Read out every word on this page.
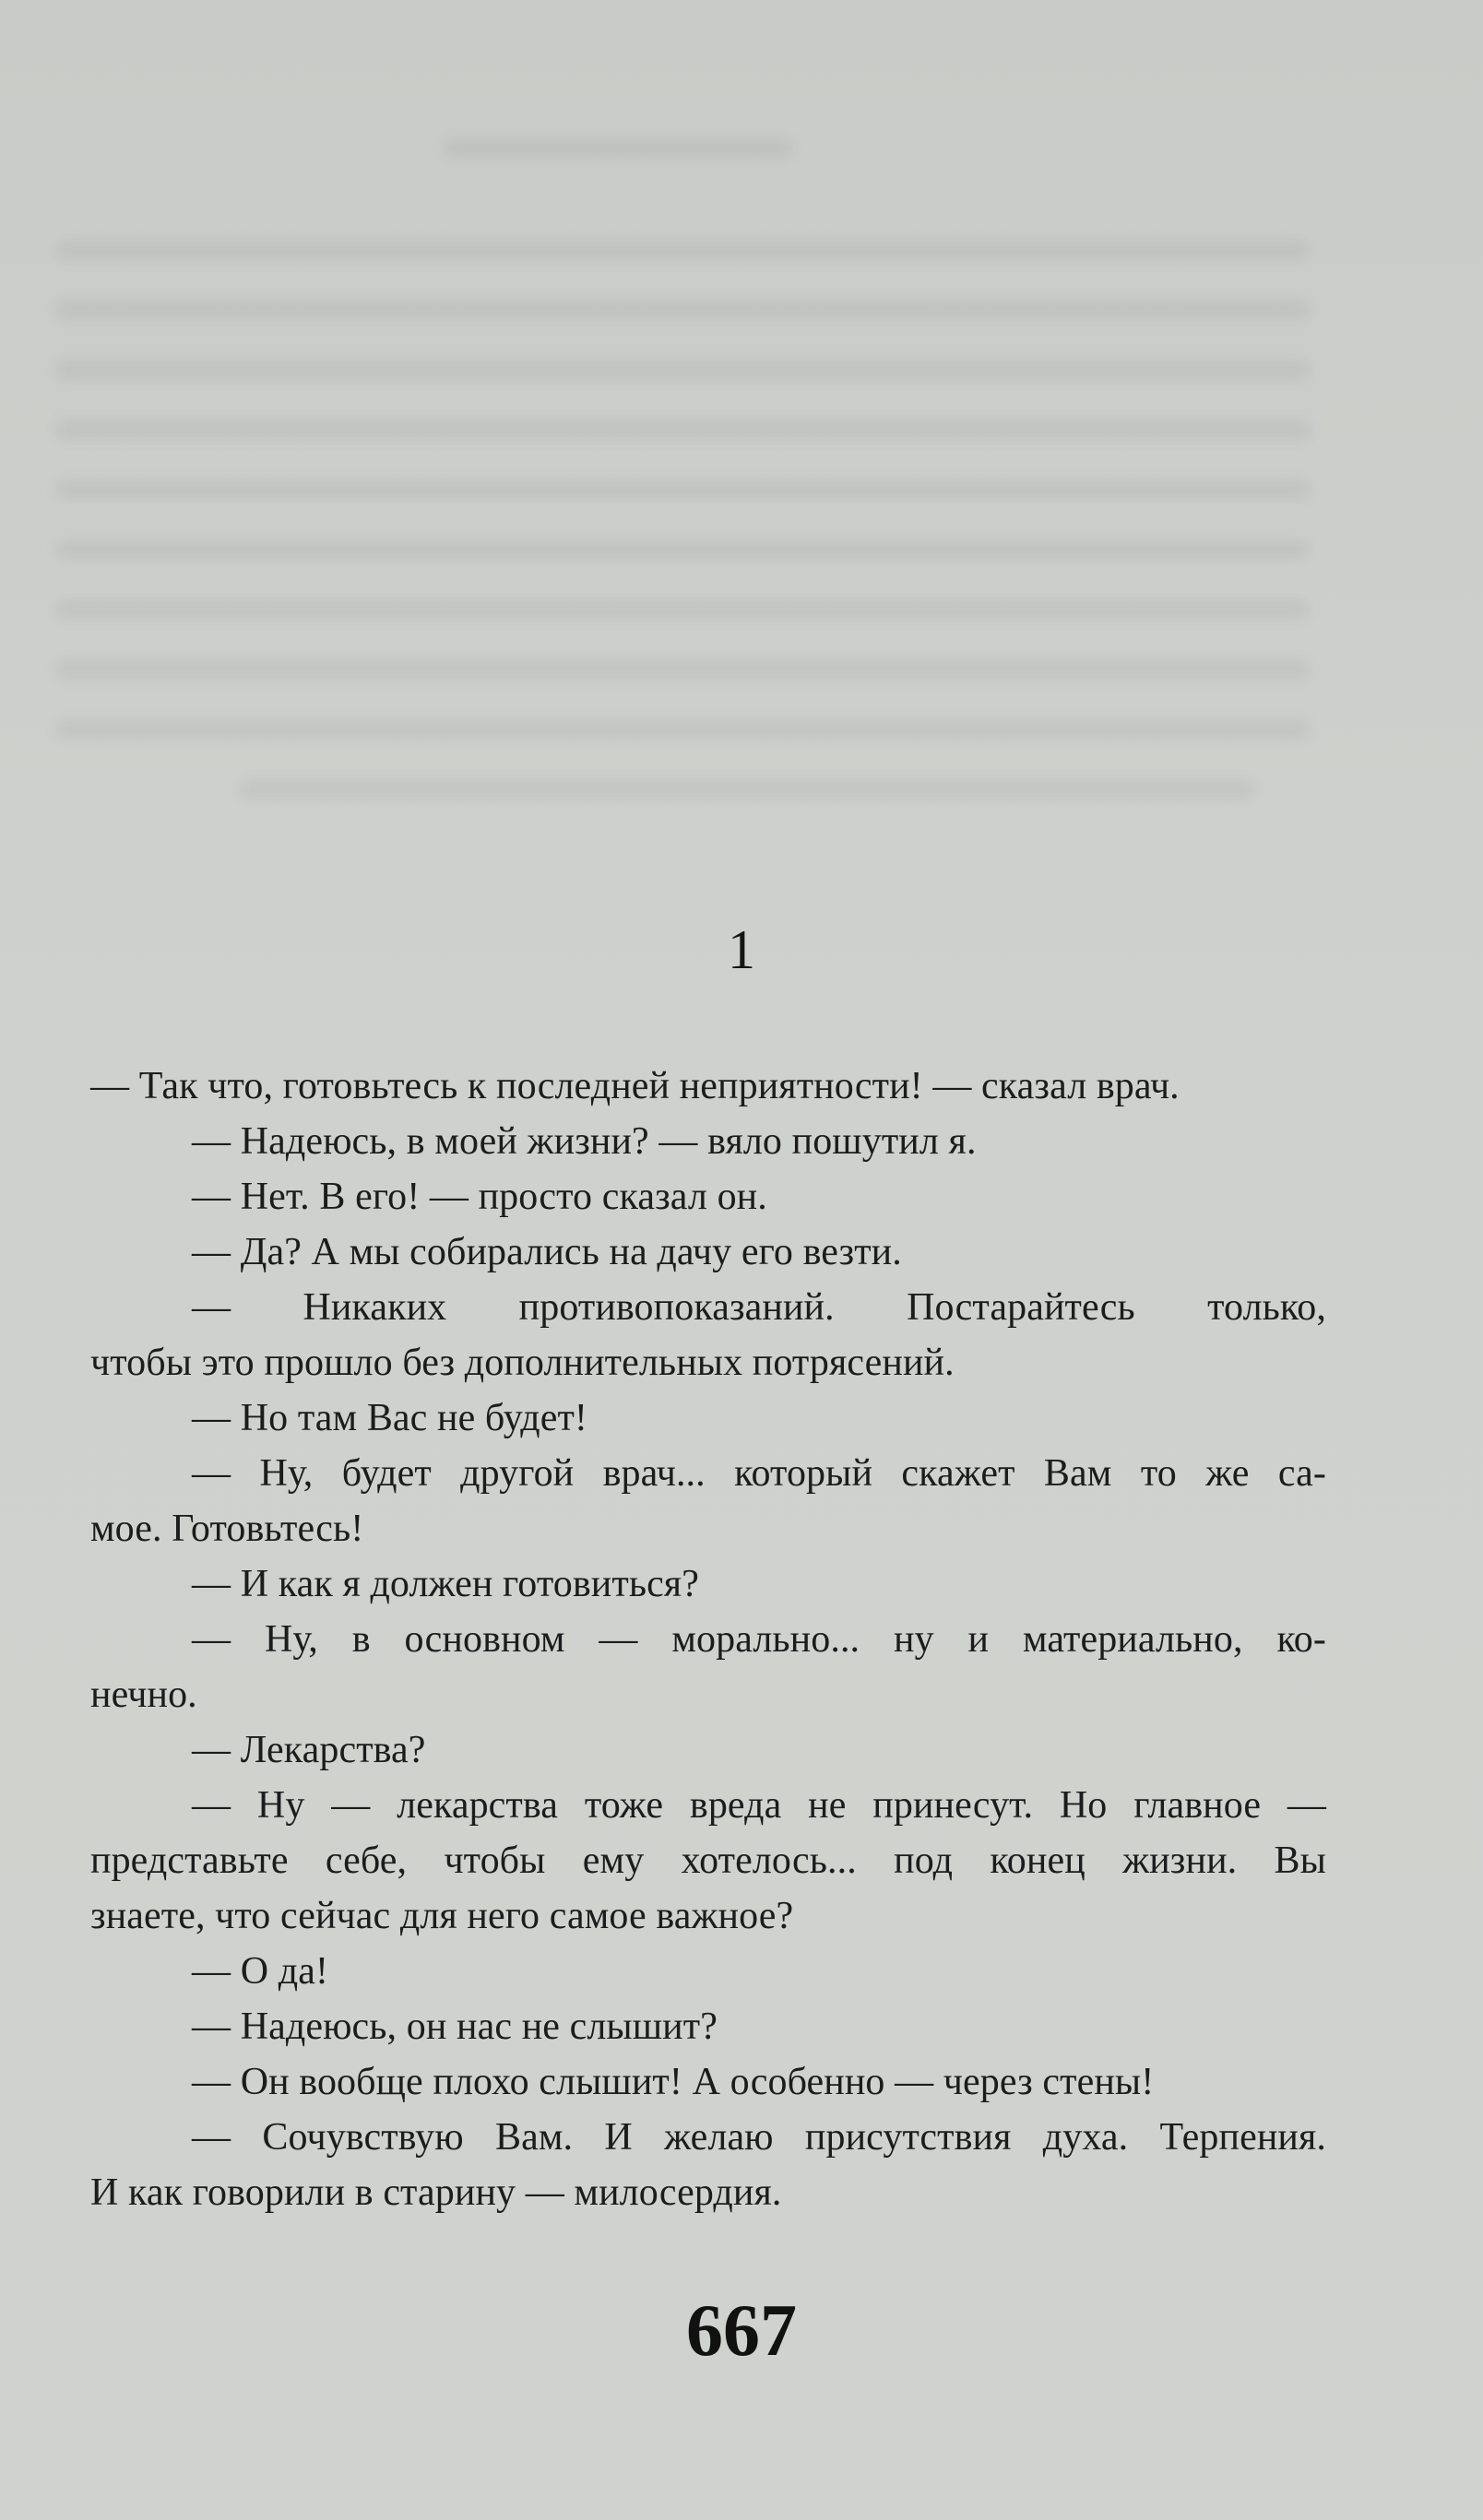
1
— Так что, готовьтесь к последней неприятности! — сказал врач.
— Надеюсь, в моей жизни? — вяло пошутил я.
— Нет. В его! — просто сказал он.
— Да? А мы собирались на дачу его везти.
— Никаких противопоказаний. Постарайтесь только,
чтобы это прошло без дополнительных потрясений.
— Но там Вас не будет!
— Ну, будет другой врач... который скажет Вам то же са-
мое. Готовьтесь!
— И как я должен готовиться?
— Ну, в основном — морально... ну и материально, ко-
нечно.
— Лекарства?
— Ну — лекарства тоже вреда не принесут. Но главное —
представьте себе, чтобы ему хотелось... под конец жизни. Вы
знаете, что сейчас для него самое важное?
— О да!
— Надеюсь, он нас не слышит?
— Он вообще плохо слышит! А особенно — через стены!
— Сочувствую Вам. И желаю присутствия духа. Терпения.
И как говорили в старину — милосердия.
667
